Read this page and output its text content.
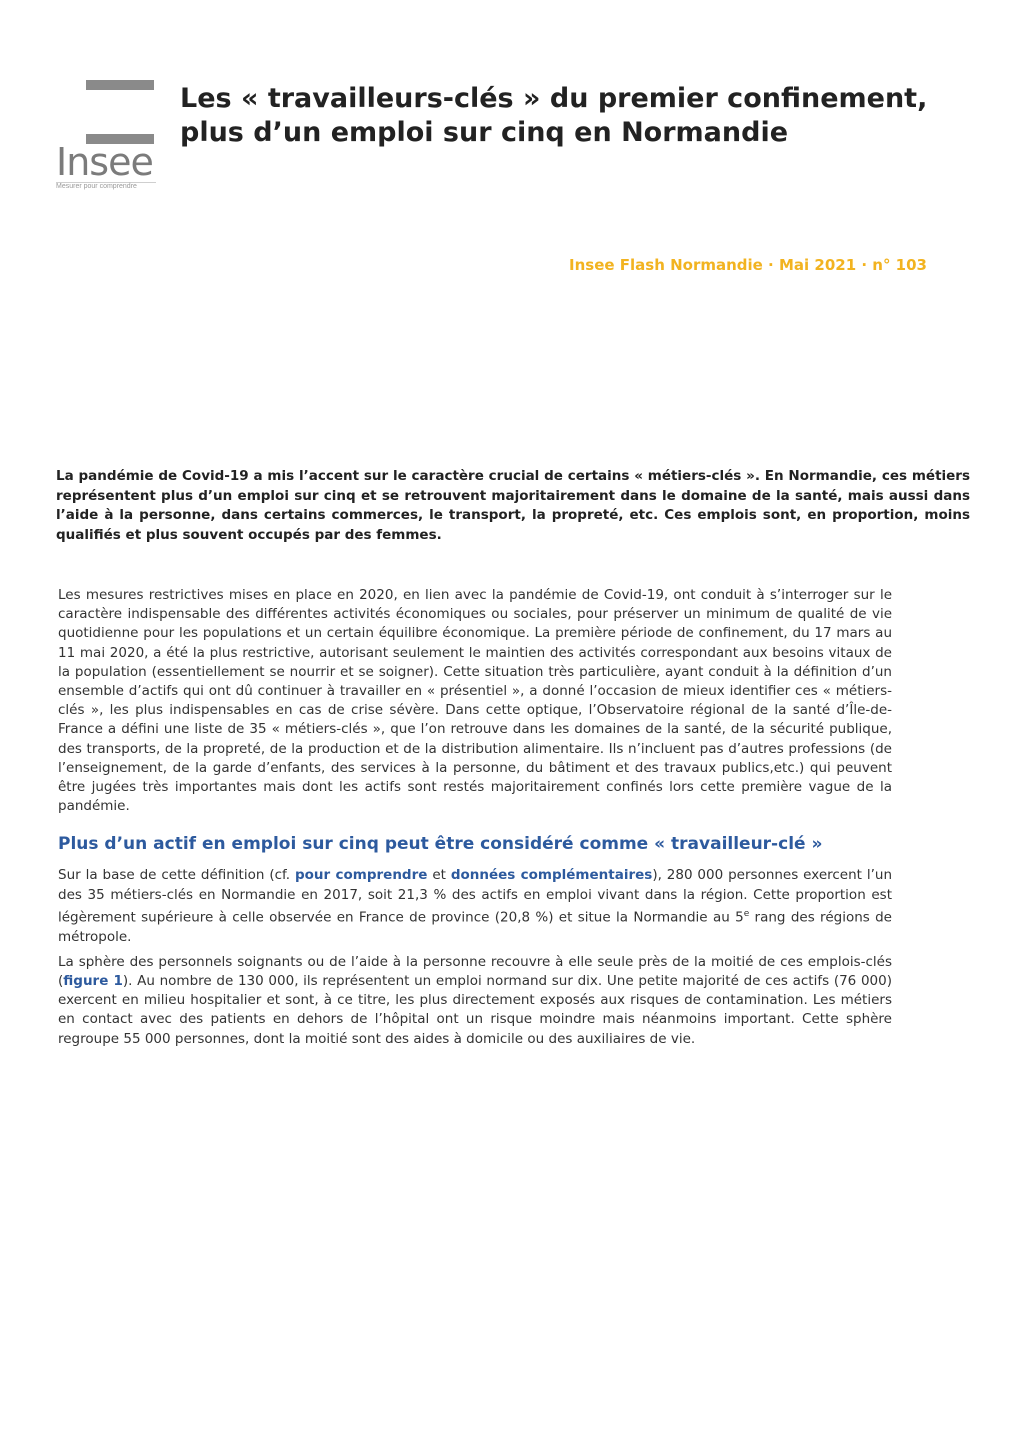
Insee
Mesurer pour comprendre
Les « travailleurs-clés » du premier confinement,
plus d’un emploi sur cinq en Normandie
Insee Flash Normandie · Mai 2021 · n° 103

La pandémie de Covid-19 a mis l’accent sur le caractère crucial de certains « métiers-clés ». En Normandie, ces métiers représentent plus d’un emploi sur cinq et se retrouvent majoritairement dans le domaine de la santé, mais aussi dans l’aide à la personne, dans certains commerces, le transport, la propreté, etc. Ces emplois sont, en proportion, moins qualifiés et plus souvent occupés par des femmes.

Les mesures restrictives mises en place en 2020, en lien avec la pandémie de Covid-19, ont conduit à s’interroger sur le caractère indispensable des différentes activités économiques ou sociales, pour préserver un minimum de qualité de vie quotidienne pour les populations et un certain équilibre économique. La première période de confinement, du 17 mars au 11 mai 2020, a été la plus restrictive, autorisant seulement le maintien des activités correspondant aux besoins vitaux de la population (essentiellement se nourrir et se soigner). Cette situation très particulière, ayant conduit à la définition d’un ensemble d’actifs qui ont dû continuer à travailler en « présentiel », a donné l’occasion de mieux identifier ces « métiers-clés », les plus indispensables en cas de crise sévère. Dans cette optique, l’Observatoire régional de la santé d’Île-de-France a défini une liste de 35 « métiers-clés », que l’on retrouve dans les domaines de la santé, de la sécurité publique, des transports, de la propreté, de la production et de la distribution alimentaire. Ils n’incluent pas d’autres professions (de l’enseignement, de la garde d’enfants, des services à la personne, du bâtiment et des travaux publics,etc.) qui peuvent être jugées très importantes mais dont les actifs sont restés majoritairement confinés lors cette première vague de la pandémie.

Plus d’un actif en emploi sur cinq peut être considéré comme « travailleur-clé »

Sur la base de cette définition (cf. pour comprendre et données complémentaires), 280 000 personnes exercent l’un des 35 métiers-clés en Normandie en 2017, soit 21,3 % des actifs en emploi vivant dans la région. Cette proportion est légèrement supérieure à celle observée en France de province (20,8 %) et situe la Normandie au 5e rang des régions de métropole.

La sphère des personnels soignants ou de l’aide à la personne recouvre à elle seule près de la moitié de ces emplois-clés (figure 1). Au nombre de 130 000, ils représentent un emploi normand sur dix. Une petite majorité de ces actifs (76 000) exercent en milieu hospitalier et sont, à ce titre, les plus directement exposés aux risques de contamination. Les métiers en contact avec des patients en dehors de l’hôpital ont un risque moindre mais néanmoins important. Cette sphère regroupe 55 000 personnes, dont la moitié sont des aides à domicile ou des auxiliaires de vie.
